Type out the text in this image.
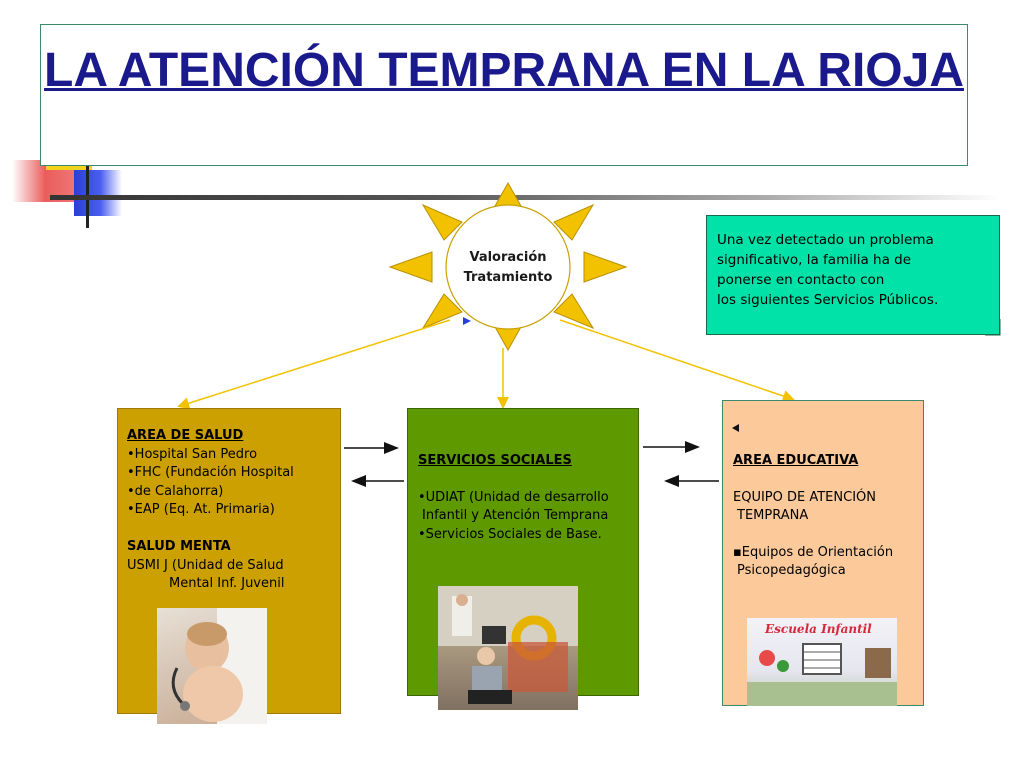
LA ATENCIÓN TEMPRANA EN LA RIOJA
Valoración
Tratamiento
Una vez detectado un problema
significativo, la familia ha de
ponerse en contacto con
los siguientes Servicios Públicos.
AREA DE SALUD
•Hospital San Pedro
•FHC (Fundación Hospital
•de Calahorra)
•EAP (Eq. At. Primaria)
SALUD MENTA
USMI J (Unidad de Salud
Mental Inf. Juvenil
SERVICIOS SOCIALES
•UDIAT (Unidad de desarrollo
Infantil y Atención Temprana
•Servicios Sociales de Base.
AREA EDUCATIVA
EQUIPO DE ATENCIÓN
TEMPRANA
▪Equipos de Orientación
Psicopedagógica
Escuela Infantil
